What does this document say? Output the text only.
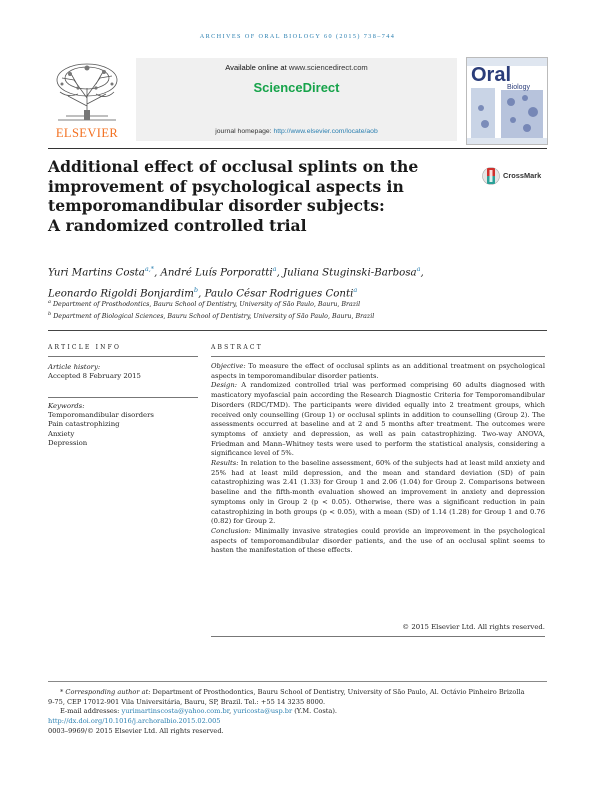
ARCHIVES OF ORAL BIOLOGY 60 (2015) 738–744
ELSEVIER
Available online at www.sciencedirect.com
ScienceDirect
journal homepage: http://www.elsevier.com/locate/aob
Oral
Biology
Additional effect of occlusal splints on the
improvement of psychological aspects in
temporomandibular disorder subjects:
A randomized controlled trial
CrossMark
Yuri Martins Costa$^{a,*}$, André Luís Porporatti$^a$, Juliana Stuginski-Barbosa$^a$,
Leonardo Rigoldi Bonjardim$^b$, Paulo César Rodrigues Conti$^a$
$^a$ Department of Prosthodontics, Bauru School of Dentistry, University of São Paulo, Bauru, Brazil
$^b$ Department of Biological Sciences, Bauru School of Dentistry, University of São Paulo, Bauru, Brazil
ARTICLE INFO
Article history:
Accepted 8 February 2015
Keywords:
Temporomandibular disorders
Pain catastrophizing
Anxiety
Depression
ABSTRACT

Objective: To measure the effect of occlusal splints as an additional treatment on psychological aspects in temporomandibular disorder patients.

Design: A randomized controlled trial was performed comprising 60 adults diagnosed with masticatory myofascial pain according the Research Diagnostic Criteria for Temporomandibular Disorders (RDC/TMD). The participants were divided equally into 2 treatment groups, which received only counselling (Group 1) or occlusal splints in addition to counselling (Group 2). The assessments occurred at baseline and at 2 and 5 months after treatment. The outcomes were symptoms of anxiety and depression, as well as pain catastrophizing. Two-way ANOVA, Friedman and Mann–Whitney tests were used to perform the statistical analysis, considering a significance level of 5%.

Results: In relation to the baseline assessment, 60% of the subjects had at least mild anxiety and 25% had at least mild depression, and the mean and standard deviation (SD) of pain catastrophizing was 2.41 (1.33) for Group 1 and 2.06 (1.04) for Group 2. Comparisons between baseline and the fifth-month evaluation showed an improvement in anxiety and depression symptoms only in Group 2 (p < 0.05). Otherwise, there was a significant reduction in pain catastrophizing in both groups (p < 0.05), with a mean (SD) of 1.14 (1.28) for Group 1 and 0.76 (0.82) for Group 2.

Conclusion: Minimally invasive strategies could provide an improvement in the psychological aspects of temporomandibular disorder patients, and the use of an occlusal splint seems to hasten the manifestation of these effects.

© 2015 Elsevier Ltd. All rights reserved.
* Corresponding author at: Department of Prosthodontics, Bauru School of Dentistry, University of São Paulo, Al. Octávio Pinheiro Brizolla
9-75, CEP 17012-901 Vila Universitária, Bauru, SP, Brazil. Tel.: +55 14 3235 8000.
E-mail addresses: yurimartinscosta@yahoo.com.br, yuricosta@usp.br (Y.M. Costa).
http://dx.doi.org/10.1016/j.archoralbio.2015.02.005
0003–9969/© 2015 Elsevier Ltd. All rights reserved.
